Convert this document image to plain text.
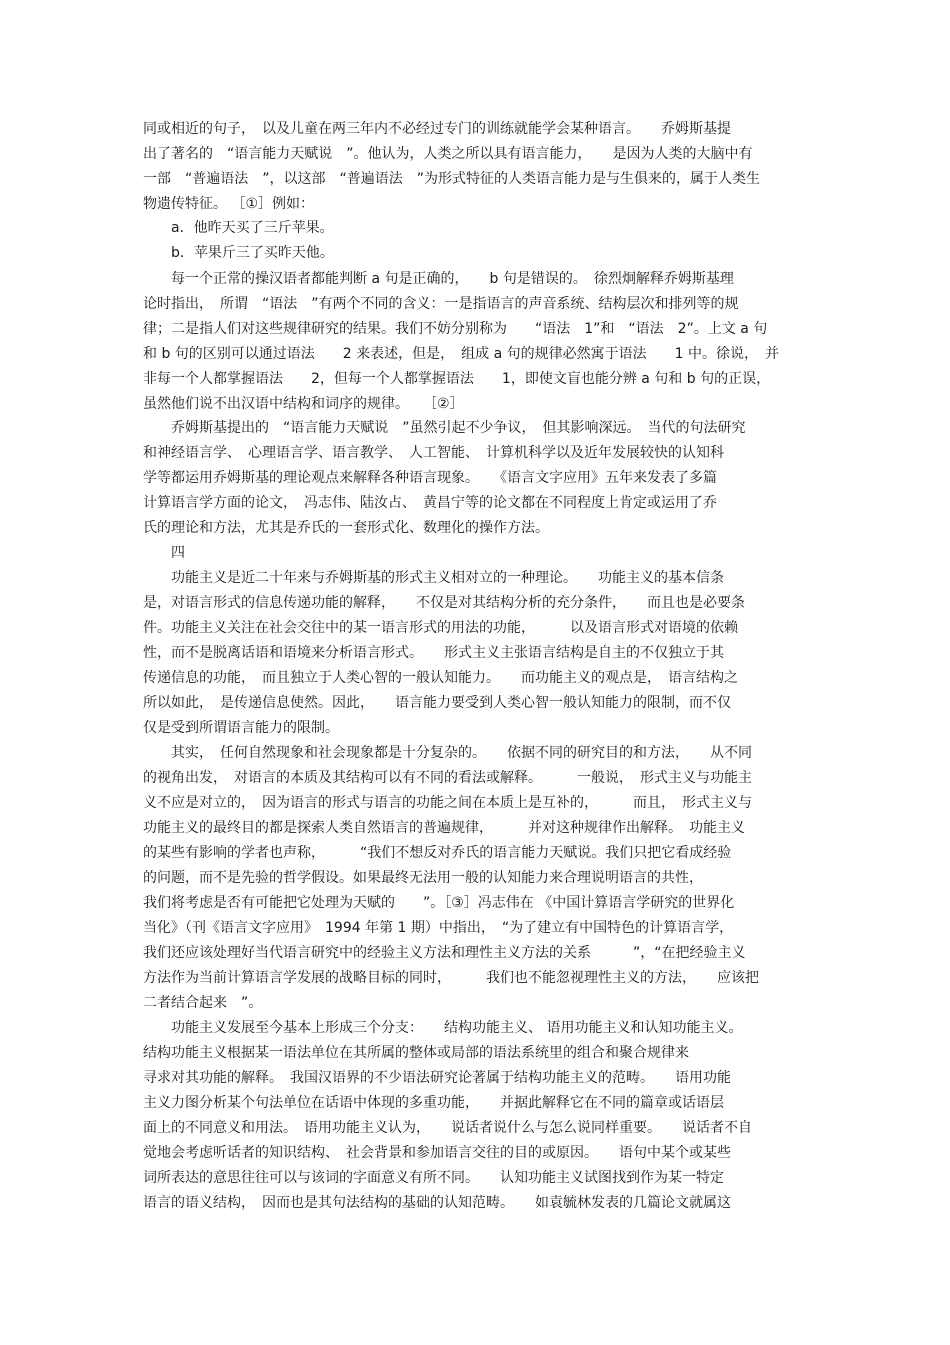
同或相近的句子，　以及儿童在两三年内不必经过专门的训练就能学会某种语言。　　乔姆斯基提

出了著名的　“语言能力天赋说　”。他认为，人类之所以具有语言能力，　　是因为人类的大脑中有

一部　“普遍语法　”，以这部　“普遍语法　”为形式特征的人类语言能力是与生俱来的，属于人类生

物遗传特征。 ［①］例如：

　　a．他昨天买了三斤苹果。

　　b．苹果斤三了买昨天他。

　　每一个正常的操汉语者都能判断 a 句是正确的，　　b 句是错误的。　徐烈炯解释乔姆斯基理

论时指出，　所谓　“语法　”有两个不同的含义：一是指语言的声音系统、结构层次和排列等的规

律；二是指人们对这些规律研究的结果。我们不妨分别称为　　“语法　1”和　“语法　2”。上文 a 句

和 b 句的区别可以通过语法　　2 来表述，但是，　组成 a 句的规律必然寓于语法　　1 中。徐说，　并

非每一个人都掌握语法　　2，但每一个人都掌握语法　　1，即使文盲也能分辨 a 句和 b 句的正误，

虽然他们说不出汉语中结构和词序的规律。　　［②］

　　乔姆斯基提出的　“语言能力天赋说　”虽然引起不少争议，　但其影响深远。　当代的句法研究

和神经语言学、　心理语言学、语言教学、　人工智能、　计算机科学以及近年发展较快的认知科

学等都运用乔姆斯基的理论观点来解释各种语言现象。　　《语言文字应用》五年来发表了多篇

计算语言学方面的论文，　冯志伟、陆汝占、　黄昌宁等的论文都在不同程度上肯定或运用了乔

氏的理论和方法，尤其是乔氏的一套形式化、数理化的操作方法。

　　四

　　功能主义是近二十年来与乔姆斯基的形式主义相对立的一种理论。　　功能主义的基本信条

是，对语言形式的信息传递功能的解释，　　不仅是对其结构分析的充分条件，　　而且也是必要条

件。功能主义关注在社会交往中的某一语言形式的用法的功能，　　　以及语言形式对语境的依赖

性，而不是脱离话语和语境来分析语言形式。　　形式主义主张语言结构是自主的不仅独立于其

传递信息的功能，　而且独立于人类心智的一般认知能力。　　而功能主义的观点是，　语言结构之

所以如此，　是传递信息使然。因此，　　语言能力要受到人类心智一般认知能力的限制，而不仅

仅是受到所谓语言能力的限制。

　　其实，　任何自然现象和社会现象都是十分复杂的。　　依据不同的研究目的和方法，　　从不同

的视角出发，　对语言的本质及其结构可以有不同的看法或解释。　　　一般说，　形式主义与功能主

义不应是对立的，　因为语言的形式与语言的功能之间在本质上是互补的，　　　而且，　形式主义与

功能主义的最终目的都是探索人类自然语言的普遍规律，　　　并对这种规律作出解释。　功能主义

的某些有影响的学者也声称，　　　“我们不想反对乔氏的语言能力天赋说。我们只把它看成经验

的问题，而不是先验的哲学假设。如果最终无法用一般的认知能力来合理说明语言的共性，

我们将考虑是否有可能把它处理为天赋的　　”。［③］冯志伟在 《中国计算语言学研究的世界化

当化》（刊《语言文字应用》　1994 年第 1 期）中指出，　“为了建立有中国特色的计算语言学，

我们还应该处理好当代语言研究中的经验主义方法和理性主义方法的关系　　　”，“在把经验主义

方法作为当前计算语言学发展的战略目标的同时，　　　我们也不能忽视理性主义的方法，　　应该把

二者结合起来　”。

　　功能主义发展至今基本上形成三个分支：　　结构功能主义、 语用功能主义和认知功能主义。

结构功能主义根据某一语法单位在其所属的整体或局部的语法系统里的组合和聚合规律来

寻求对其功能的解释。　我国汉语界的不少语法研究论著属于结构功能主义的范畴。　　语用功能

主义力图分析某个句法单位在话语中体现的多重功能，　　并据此解释它在不同的篇章或话语层

面上的不同意义和用法。　语用功能主义认为，　　说话者说什么与怎么说同样重要。　　说话者不自

觉地会考虑听话者的知识结构、　社会背景和参加语言交往的目的或原因。　　语句中某个或某些

词所表达的意思往往可以与该词的字面意义有所不同。　　认知功能主义试图找到作为某一特定

语言的语义结构，　因而也是其句法结构的基础的认知范畴。　　如袁毓林发表的几篇论文就属这
